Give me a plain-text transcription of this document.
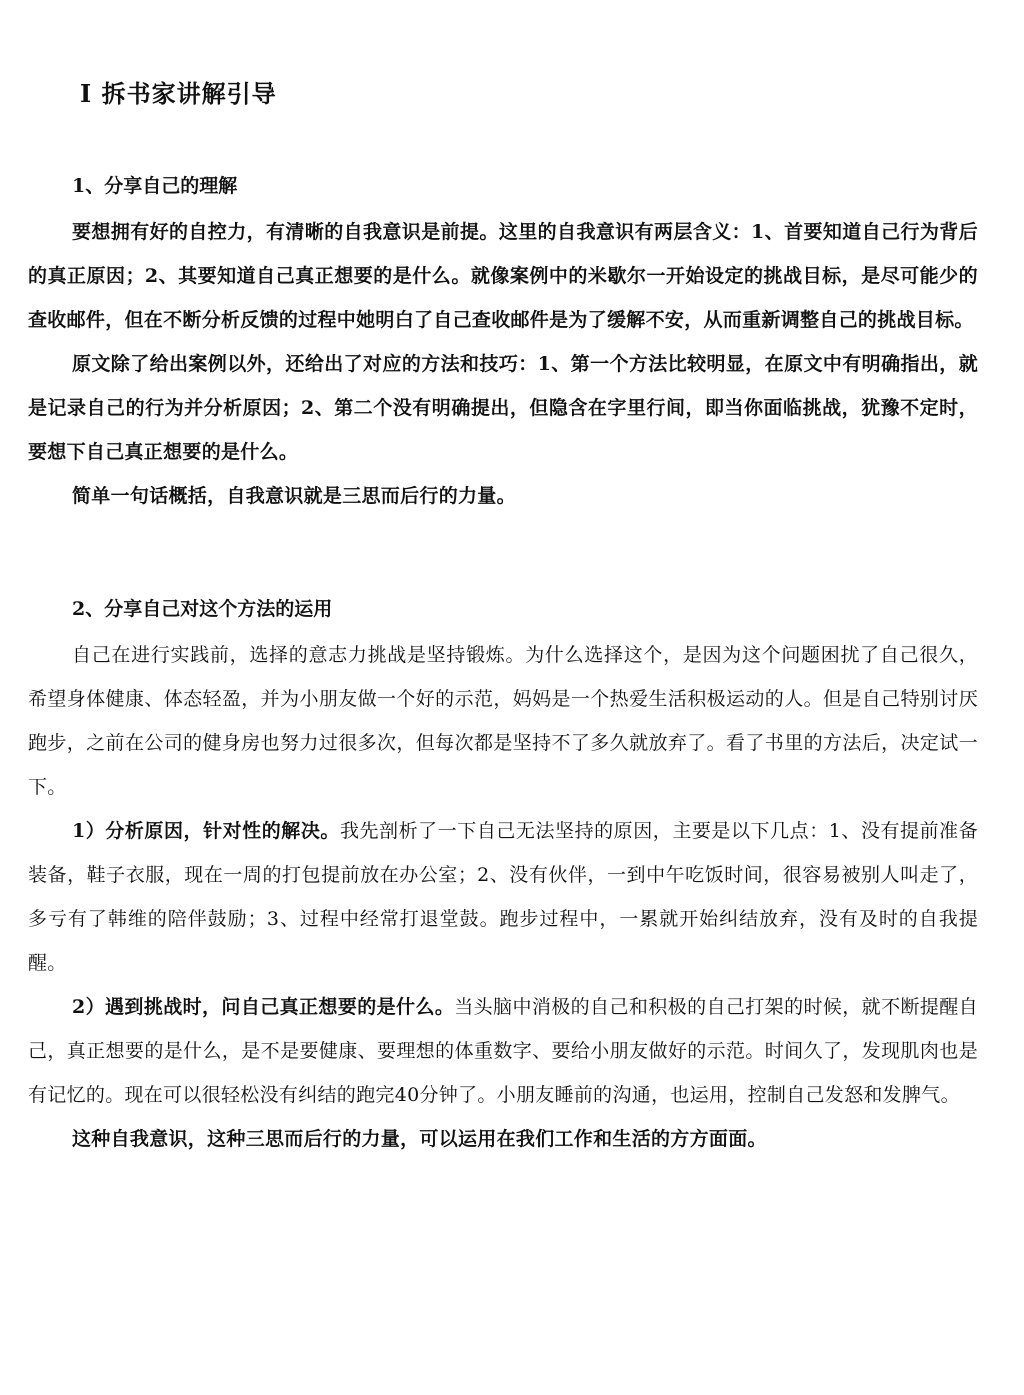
I 拆书家讲解引导
1、分享自己的理解

要想拥有好的自控力，有清晰的自我意识是前提。这里的自我意识有两层含义：1、首要知道自己行为背后的真正原因；2、其要知道自己真正想要的是什么。就像案例中的米歇尔一开始设定的挑战目标，是尽可能少的查收邮件，但在不断分析反馈的过程中她明白了自己查收邮件是为了缓解不安，从而重新调整自己的挑战目标。

原文除了给出案例以外，还给出了对应的方法和技巧：1、第一个方法比较明显，在原文中有明确指出，就是记录自己的行为并分析原因；2、第二个没有明确提出，但隐含在字里行间，即当你面临挑战，犹豫不定时，要想下自己真正想要的是什么。

简单一句话概括，自我意识就是三思而后行的力量。

2、分享自己对这个方法的运用

自己在进行实践前，选择的意志力挑战是坚持锻炼。为什么选择这个，是因为这个问题困扰了自己很久，希望身体健康、体态轻盈，并为小朋友做一个好的示范，妈妈是一个热爱生活积极运动的人。但是自己特别讨厌跑步，之前在公司的健身房也努力过很多次，但每次都是坚持不了多久就放弃了。看了书里的方法后，决定试一下。

1）分析原因，针对性的解决。我先剖析了一下自己无法坚持的原因，主要是以下几点：1、没有提前准备装备，鞋子衣服，现在一周的打包提前放在办公室；2、没有伙伴，一到中午吃饭时间，很容易被别人叫走了，多亏有了韩维的陪伴鼓励；3、过程中经常打退堂鼓。跑步过程中，一累就开始纠结放弃，没有及时的自我提醒。

2）遇到挑战时，问自己真正想要的是什么。当头脑中消极的自己和积极的自己打架的时候，就不断提醒自己，真正想要的是什么，是不是要健康、要理想的体重数字、要给小朋友做好的示范。时间久了，发现肌肉也是有记忆的。现在可以很轻松没有纠结的跑完40分钟了。小朋友睡前的沟通，也运用，控制自己发怒和发脾气。

这种自我意识，这种三思而后行的力量，可以运用在我们工作和生活的方方面面。
